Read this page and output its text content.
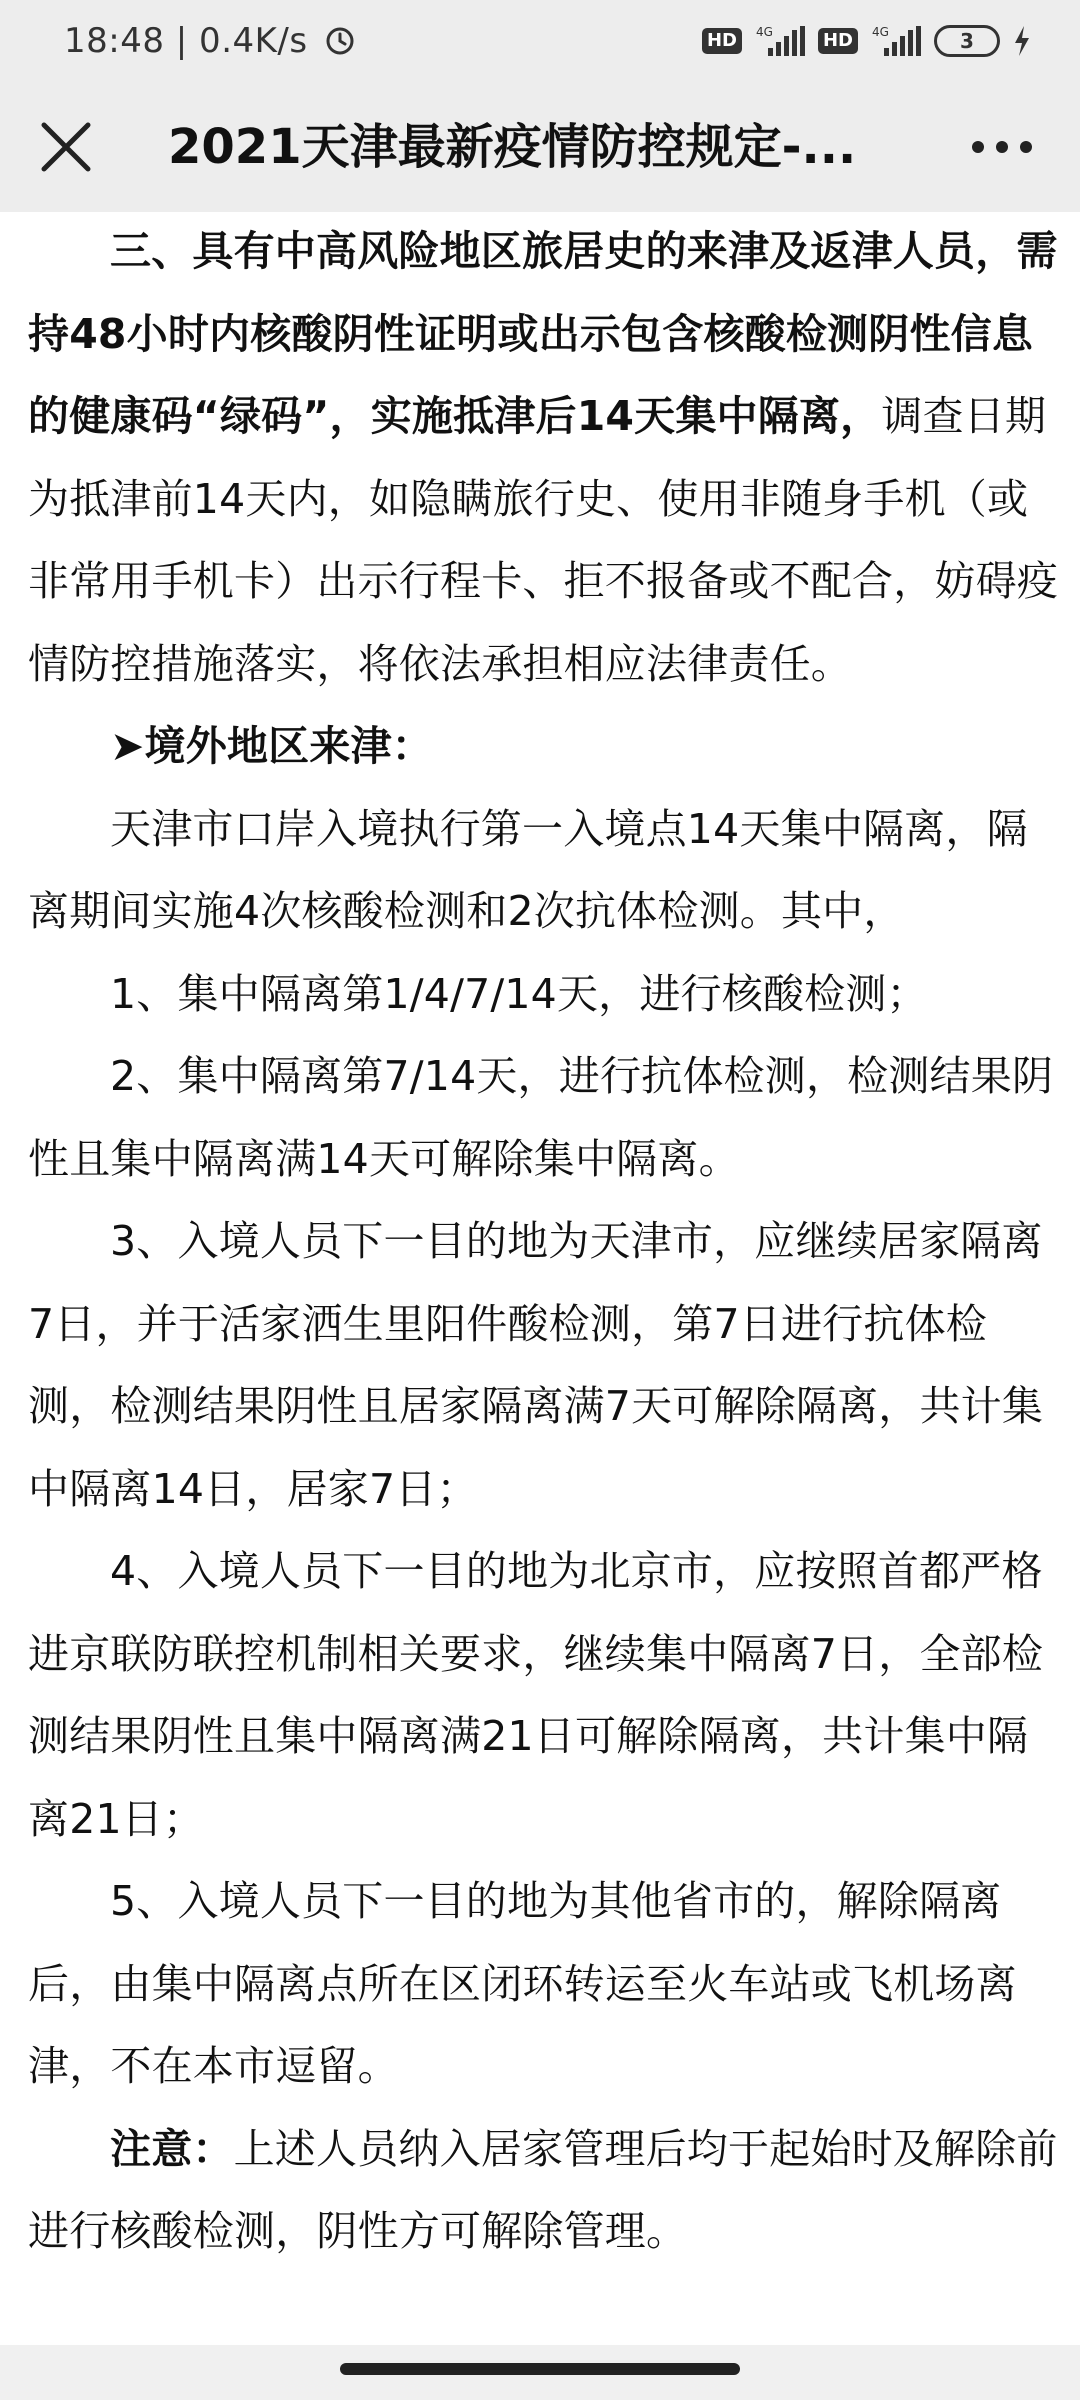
18:48 | 0.4K/s	HD	4G	HD	4G	3
2021天津最新疫情防控规定-...

三、具有中高风险地区旅居史的来津及返津人员，需持48小时内核酸阴性证明或出示包含核酸检测阴性信息的健康码“绿码”，实施抵津后14天集中隔离，调查日期为抵津前14天内，如隐瞒旅行史、使用非随身手机（或非常用手机卡）出示行程卡、拒不报备或不配合，妨碍疫情防控措施落实，将依法承担相应法律责任。

➤境外地区来津：

天津市口岸入境执行第一入境点14天集中隔离，隔离期间实施4次核酸检测和2次抗体检测。其中，

1、集中隔离第1/4/7/14天，进行核酸检测；

2、集中隔离第7/14天，进行抗体检测，检测结果阴性且集中隔离满14天可解除集中隔离。

3、入境人员下一目的地为天津市，应继续居家隔离7日，并于活家洒生里阳件酸检测，第7日进行抗体检测，检测结果阴性且居家隔离满7天可解除隔离，共计集中隔离14日，居家7日；

4、入境人员下一目的地为北京市，应按照首都严格进京联防联控机制相关要求，继续集中隔离7日，全部检测结果阴性且集中隔离满21日可解除隔离，共计集中隔离21日；

5、入境人员下一目的地为其他省市的，解除隔离后，由集中隔离点所在区闭环转运至火车站或飞机场离津，不在本市逗留。

注意：上述人员纳入居家管理后均于起始时及解除前进行核酸检测，阴性方可解除管理。
